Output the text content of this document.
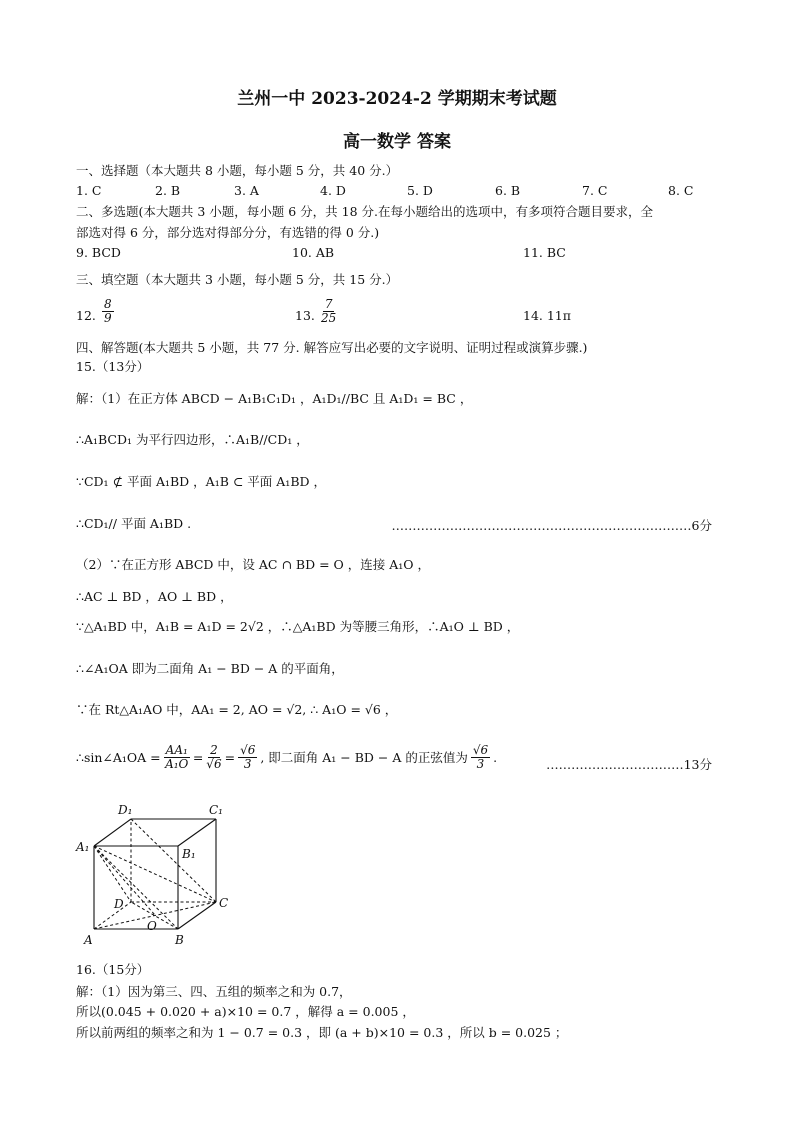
兰州一中 2023-2024-2 学期期末考试题
高一数学 答案
一、选择题（本大题共 8 小题，每小题 5 分，共 40 分.）
1. C	2. B	3. A	4. D	5. D	6. B	7. C	8. C
二、多选题(本大题共 3 小题，每小题 6 分，共 18 分.在每小题给出的选项中，有多项符合题目要求，全
部选对得 6 分，部分选对得部分分，有选错的得 0 分.)
9. BCD	10. AB	11. BC
三、填空题（本大题共 3 小题，每小题 5 分，共 15 分.）
12. $\frac{8}{9}$	13. $\frac{7}{25}$	14. 11π
四、解答题(本大题共 5 小题，共 77 分. 解答应写出必要的文字说明、证明过程或演算步骤.)
15.（13分）
解：（1）在正方体 ABCD − A₁B₁C₁D₁ ，A₁D₁//BC 且 A₁D₁ = BC ，
∴A₁BCD₁ 为平行四边形，∴A₁B//CD₁ ，
∵CD₁ ⊄ 平面 A₁BD ，A₁B ⊂ 平面 A₁BD ，
∴CD₁// 平面 A₁BD .	………………………………………………………………6分
（2）∵在正方形 ABCD 中，设 AC ∩ BD = O ，连接 A₁O ，
∴AC ⊥ BD ，AO ⊥ BD ，
∵△A₁BD 中，A₁B = A₁D = 2√2 ，∴△A₁BD 为等腰三角形，∴A₁O ⊥ BD ，
∴∠A₁OA 即为二面角 A₁ − BD − A 的平面角，
∵在 Rt△A₁AO 中，AA₁ = 2, AO = √2, ∴ A₁O = √6 ，
∴sin∠A₁OA = $\frac{\text{AA₁}}{\text{A₁O}} = \frac{2}{√6} = \frac{√6}{3}$ , 即二面角 A₁ − BD − A 的正弦值为 $\frac{√6}{3}$ .	……………………………13分
D₁	C₁
A₁	B₁
D	C
O
A	B
16.（15分）
解：（1）因为第三、四、五组的频率之和为 0.7，
所以(0.045 + 0.020 + a)×10 = 0.7 ，解得 a = 0.005 ，
所以前两组的频率之和为 1 − 0.7 = 0.3 ，即 (a + b)×10 = 0.3 ，所以 b = 0.025 ；
